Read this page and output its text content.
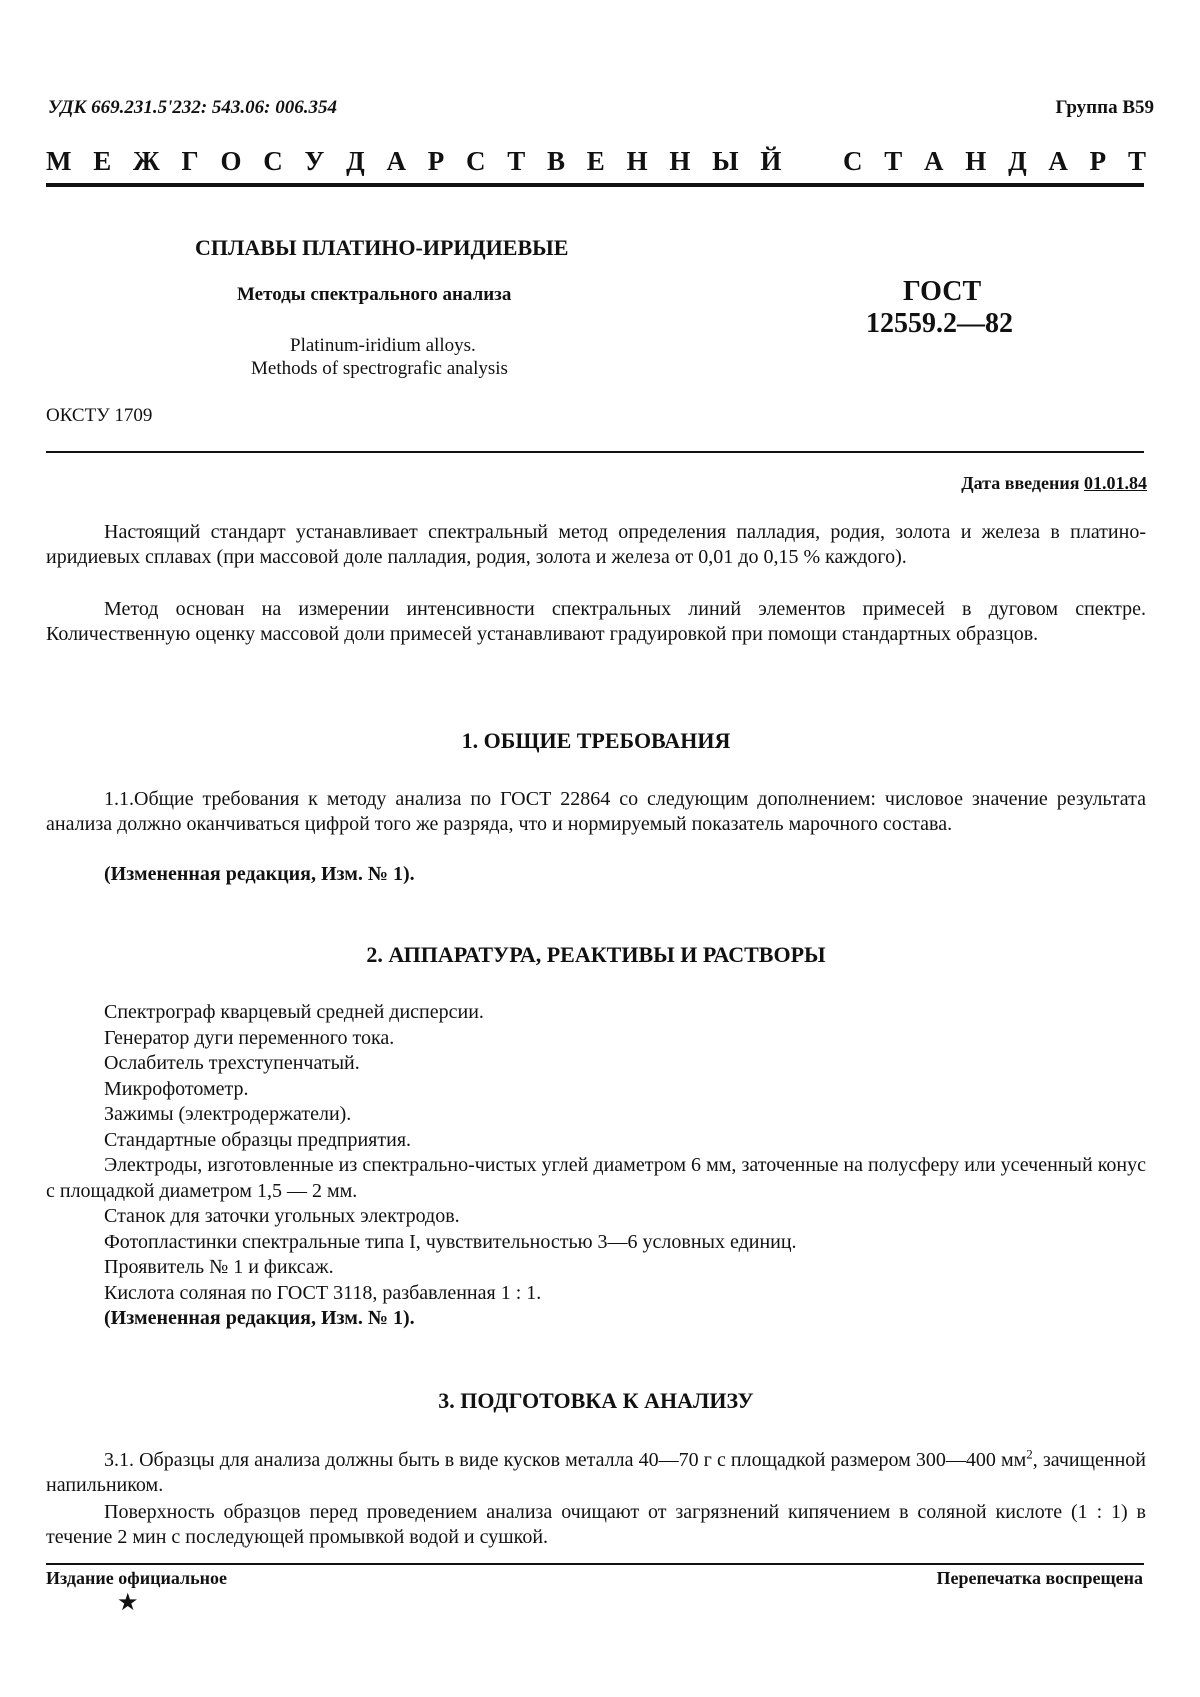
УДК 669.231.5'232: 543.06: 006.354	Группа В59
М Е Ж Г О С У Д А Р С Т В Е Н Н Ы Й С Т А Н Д А Р Т
СПЛАВЫ ПЛАТИНО-ИРИДИЕВЫЕ
Методы спектрального анализа
Platinum-iridium alloys.
Methods of spectrografic analysis
ГОСТ
12559.2—82
ОКСТУ 1709
Дата введения 01.01.84

Настоящий стандарт устанавливает спектральный метод определения палладия, родия, золота и железа в платино-иридиевых сплавах (при массовой доле палладия, родия, золота и железа от 0,01 до 0,15 % каждого).

Метод основан на измерении интенсивности спектральных линий элементов примесей в дуговом спектре. Количественную оценку массовой доли примесей устанавливают градуировкой при помощи стандартных образцов.

1. ОБЩИЕ ТРЕБОВАНИЯ

1.1.Общие требования к методу анализа по ГОСТ 22864 со следующим дополнением: числовое значение результата анализа должно оканчиваться цифрой того же разряда, что и нормируемый показатель марочного состава.

(Измененная редакция, Изм. № 1).
2. АППАРАТУРА, РЕАКТИВЫ И РАСТВОРЫ
Спектрограф кварцевый средней дисперсии.
Генератор дуги переменного тока.
Ослабитель трехступенчатый.
Микрофотометр.
Зажимы (электродержатели).
Стандартные образцы предприятия.
Электроды, изготовленные из спектрально-чистых углей диаметром 6 мм, заточенные на полусферу или усеченный конус с площадкой диаметром 1,5 — 2 мм.
Станок для заточки угольных электродов.
Фотопластинки спектральные типа I, чувствительностью 3—6 условных единиц.
Проявитель № 1 и фиксаж.
Кислота соляная по ГОСТ 3118, разбавленная 1 : 1.
(Измененная редакция, Изм. № 1).
3. ПОДГОТОВКА К АНАЛИЗУ

3.1. Образцы для анализа должны быть в виде кусков металла 40—70 г с площадкой размером 300—400 $мм^2$, зачищенной напильником.

Поверхность образцов перед проведением анализа очищают от загрязнений кипячением в соляной кислоте (1 : 1) в течение 2 мин с последующей промывкой водой и сушкой.

Издание официальное	Перепечатка воспрещена
★
